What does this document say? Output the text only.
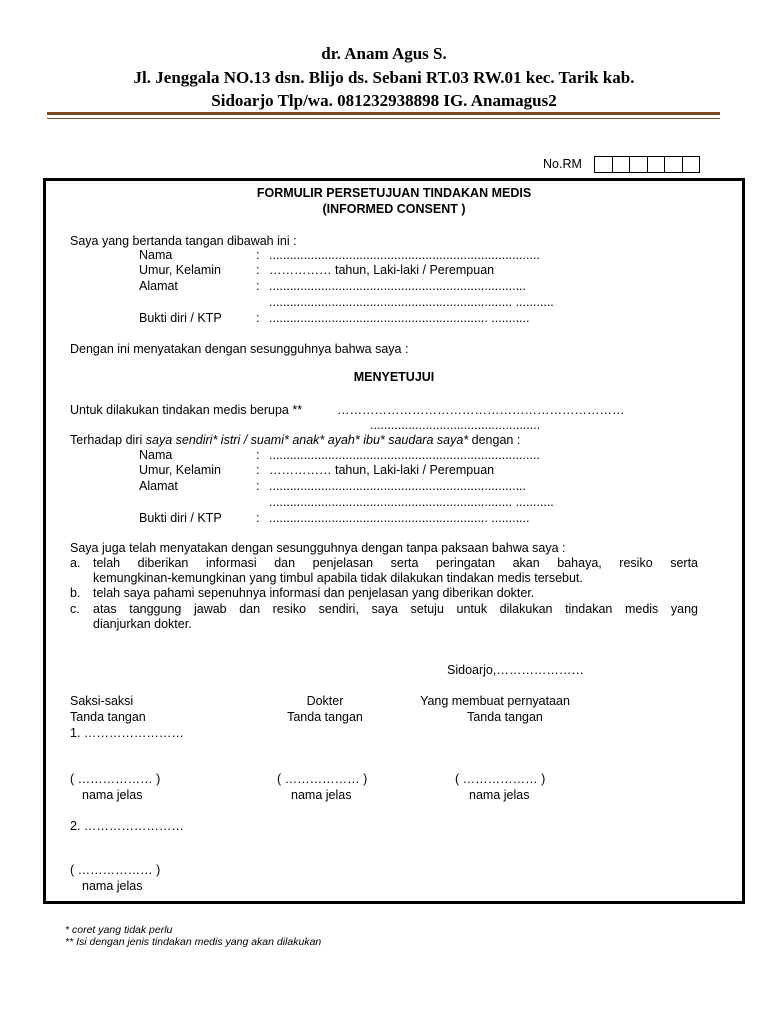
dr. Anam Agus S.
Jl. Jenggala NO.13 dsn. Blijo ds. Sebani RT.03 RW.01 kec. Tarik kab.
Sidoarjo Tlp/wa. 081232938898 IG. Anamagus2
No.RM
FORMULIR PERSETUJUAN TINDAKAN MEDIS
(INFORMED CONSENT )
Saya yang bertanda tangan dibawah ini :
Nama	: ..............................................................................
Umur, Kelamin	: …………… tahun, Laki-laki / Perempuan
Alamat	: ..........................................................................
...................................................................... ...........
Bukti diri / KTP	: ............................................................... ...........
Dengan ini menyatakan dengan sesungguhnya bahwa saya :
MENYETUJUI
Untuk dilakukan tindakan medis berupa **	……………………………………………………………
.................................................
Terhadap diri saya sendiri* istri / suami* anak* ayah* ibu* saudara saya* dengan :
Nama	: ..............................................................................
Umur, Kelamin	: …………… tahun, Laki-laki / Perempuan
Alamat	: ..........................................................................
...................................................................... ...........
Bukti diri / KTP	: ............................................................... ...........
Saya juga telah menyatakan dengan sesungguhnya dengan tanpa paksaan bahwa saya :
a. telah diberikan informasi dan penjelasan serta peringatan akan bahaya, resiko serta
kemungkinan-kemungkinan yang timbul apabila tidak dilakukan tindakan medis tersebut.
b. telah saya pahami sepenuhnya informasi dan penjelasan yang diberikan dokter.
c. atas tanggung jawab dan resiko sendiri, saya setuju untuk dilakukan tindakan medis yang
dianjurkan dokter.
Sidoarjo,…………………
Saksi-saksi	Dokter	Yang membuat pernyataan
Tanda tangan	Tanda tangan	Tanda tangan
1. ……………………
( ……………… )	( ……………… )	( ……………… )
nama jelas	nama jelas	nama jelas
2. ……………………
( ……………… )
nama jelas
* coret yang tidak perlu
** Isi dengan jenis tindakan medis yang akan dilakukan
